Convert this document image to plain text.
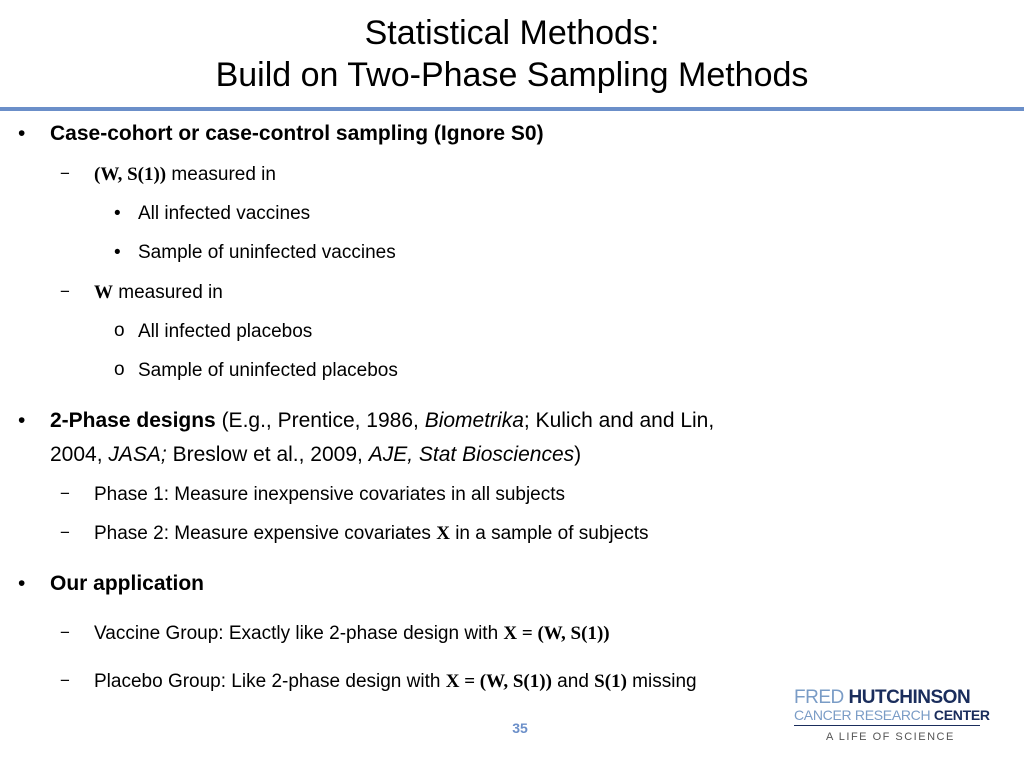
Statistical Methods:
Build on Two-Phase Sampling Methods
• Case-cohort or case-control sampling (Ignore S0)
− (W, S(1)) measured in
• All infected vaccines
• Sample of uninfected vaccines
− W measured in
o All infected placebos
o Sample of uninfected placebos
• 2-Phase designs (E.g., Prentice, 1986, Biometrika; Kulich and and Lin,
2004, JASA; Breslow et al., 2009, AJE, Stat Biosciences)
− Phase 1: Measure inexpensive covariates in all subjects
− Phase 2: Measure expensive covariates X in a sample of subjects
• Our application
− Vaccine Group: Exactly like 2-phase design with X = (W, S(1))
− Placebo Group: Like 2-phase design with X = (W, S(1)) and S(1) missing
35
FRED HUTCHINSON
CANCER RESEARCH CENTER
A LIFE OF SCIENCE
